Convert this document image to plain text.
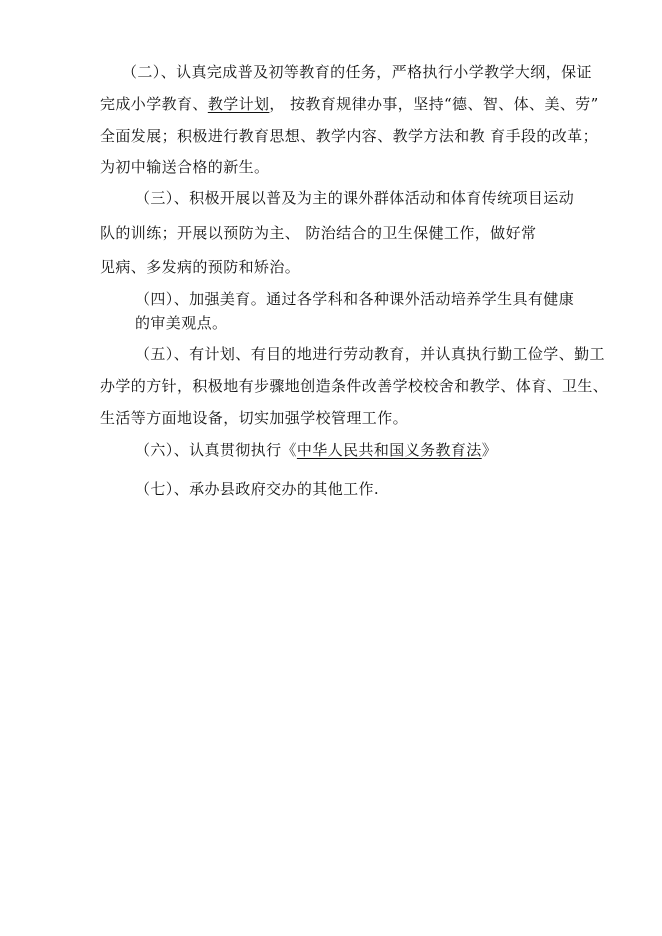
（二）、认真完成普及初等教育的任务，严格执行小学教学大纲，保证
完成小学教育、教学计划， 按教育规律办事，坚持“德、智、体、美、劳”
全面发展；积极进行教育思想、教学内容、教学方法和教 育手段的改革；
为初中输送合格的新生。
（三）、积极开展以普及为主的课外群体活动和体育传统项目运动
队的训练；开展以预防为主、 防治结合的卫生保健工作，做好常
见病、多发病的预防和矫治。
（四）、加强美育。通过各学科和各种课外活动培养学生具有健康
的审美观点。
（五）、有计划、有目的地进行劳动教育，并认真执行勤工俭学、勤工
办学的方针，积极地有步骤地创造条件改善学校校舍和教学、体育、卫生、
生活等方面地设备，切实加强学校管理工作。
（六）、认真贯彻执行《中华人民共和国义务教育法》
（七）、承办县政府交办的其他工作.
